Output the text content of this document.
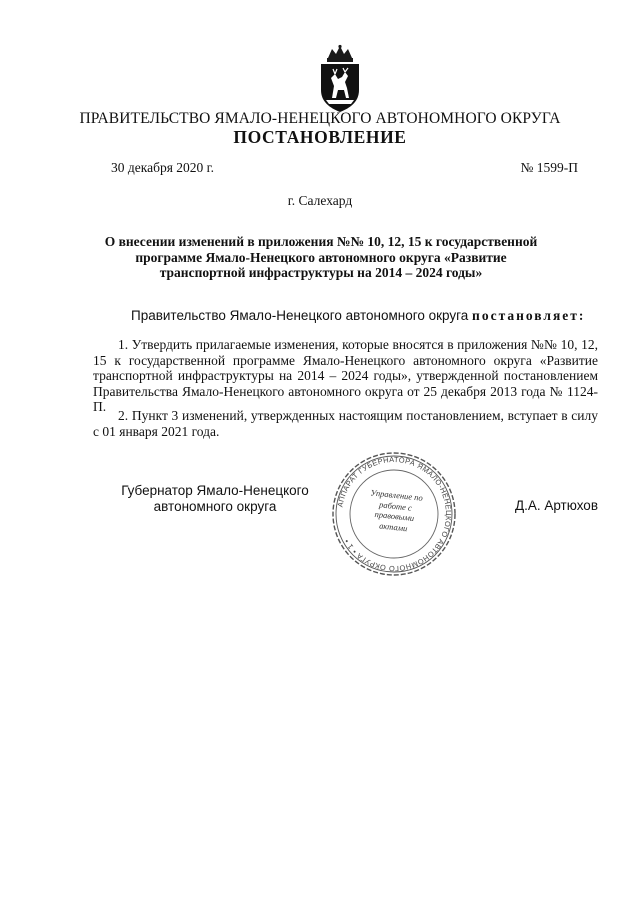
ПРАВИТЕЛЬСТВО ЯМАЛО-НЕНЕЦКОГО АВТОНОМНОГО ОКРУГА
ПОСТАНОВЛЕНИЕ
30 декабря 2020 г.	№ 1599-П
г. Салехард
О внесении изменений в приложения №№ 10, 12, 15 к государственной программе Ямало-Ненецкого автономного округа «Развитие транспортной инфраструктуры на 2014 – 2024 годы»
Правительство Ямало-Ненецкого автономного округа постановляет:
1. Утвердить прилагаемые изменения, которые вносятся в приложения №№ 10, 12, 15 к государственной программе Ямало-Ненецкого автономного округа «Развитие транспортной инфраструктуры на 2014 – 2024 годы», утвержденной постановлением Правительства Ямало-Ненецкого автономного округа от 25 декабря 2013 года № 1124-П.
2. Пункт 3 изменений, утвержденных настоящим постановлением, вступает в силу с 01 января 2021 года.
Губернатор Ямало-Ненецкого автономного округа	Д.А. Артюхов
АППАРАТ ГУБЕРНАТОРА ЯМАЛО-НЕНЕЦКОГО АВТОНОМНОГО ОКРУГА • 1 •
Управление по работе с правовыми актами
